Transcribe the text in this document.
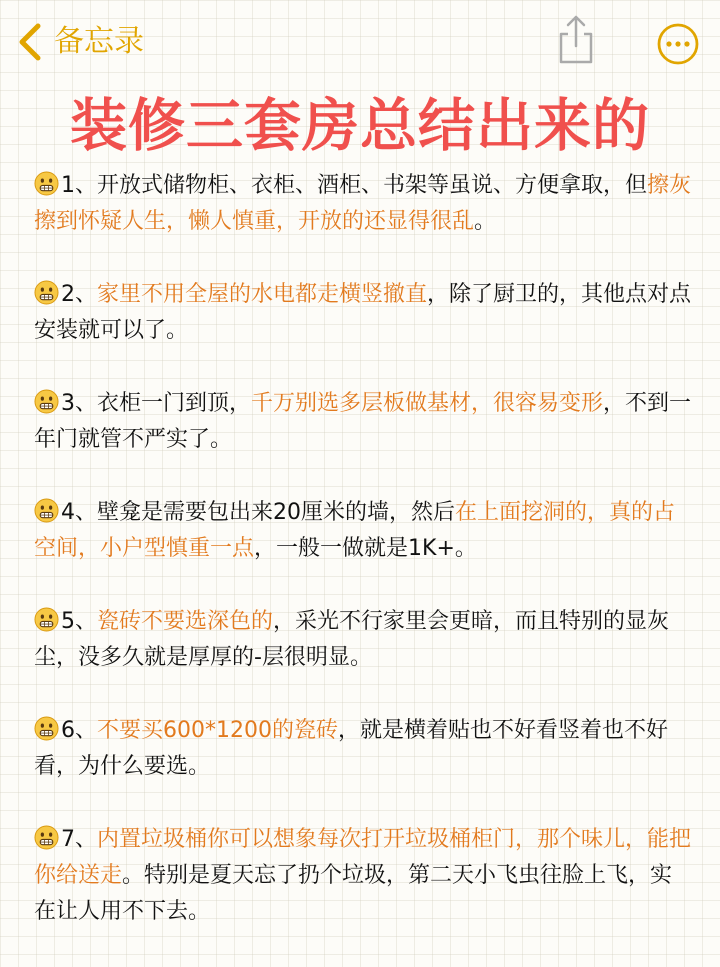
备忘录
装修三套房总结出来的
1、开放式储物柜、衣柜、酒柜、书架等虽说、方便拿取，但擦灰擦到怀疑人生，懒人慎重，开放的还显得很乱。
2、家里不用全屋的水电都走横竖撤直，除了厨卫的，其他点对点安装就可以了。
3、衣柜一门到顶，千万别选多层板做基材，很容易变形，不到一年门就管不严实了。
4、壁龛是需要包出来20厘米的墙，然后在上面挖洞的，真的占空间，小户型慎重一点，一般一做就是1K+。
5、瓷砖不要选深色的，采光不行家里会更暗，而且特别的显灰尘，没多久就是厚厚的-层很明显。
6、不要买600*1200的瓷砖，就是横着贴也不好看竖着也不好看，为什么要选。
7、内置垃圾桶你可以想象每次打开垃圾桶柜门，那个味儿，能把你给送走。特别是夏天忘了扔个垃圾，第二天小飞虫往脸上飞，实在让人用不下去。
